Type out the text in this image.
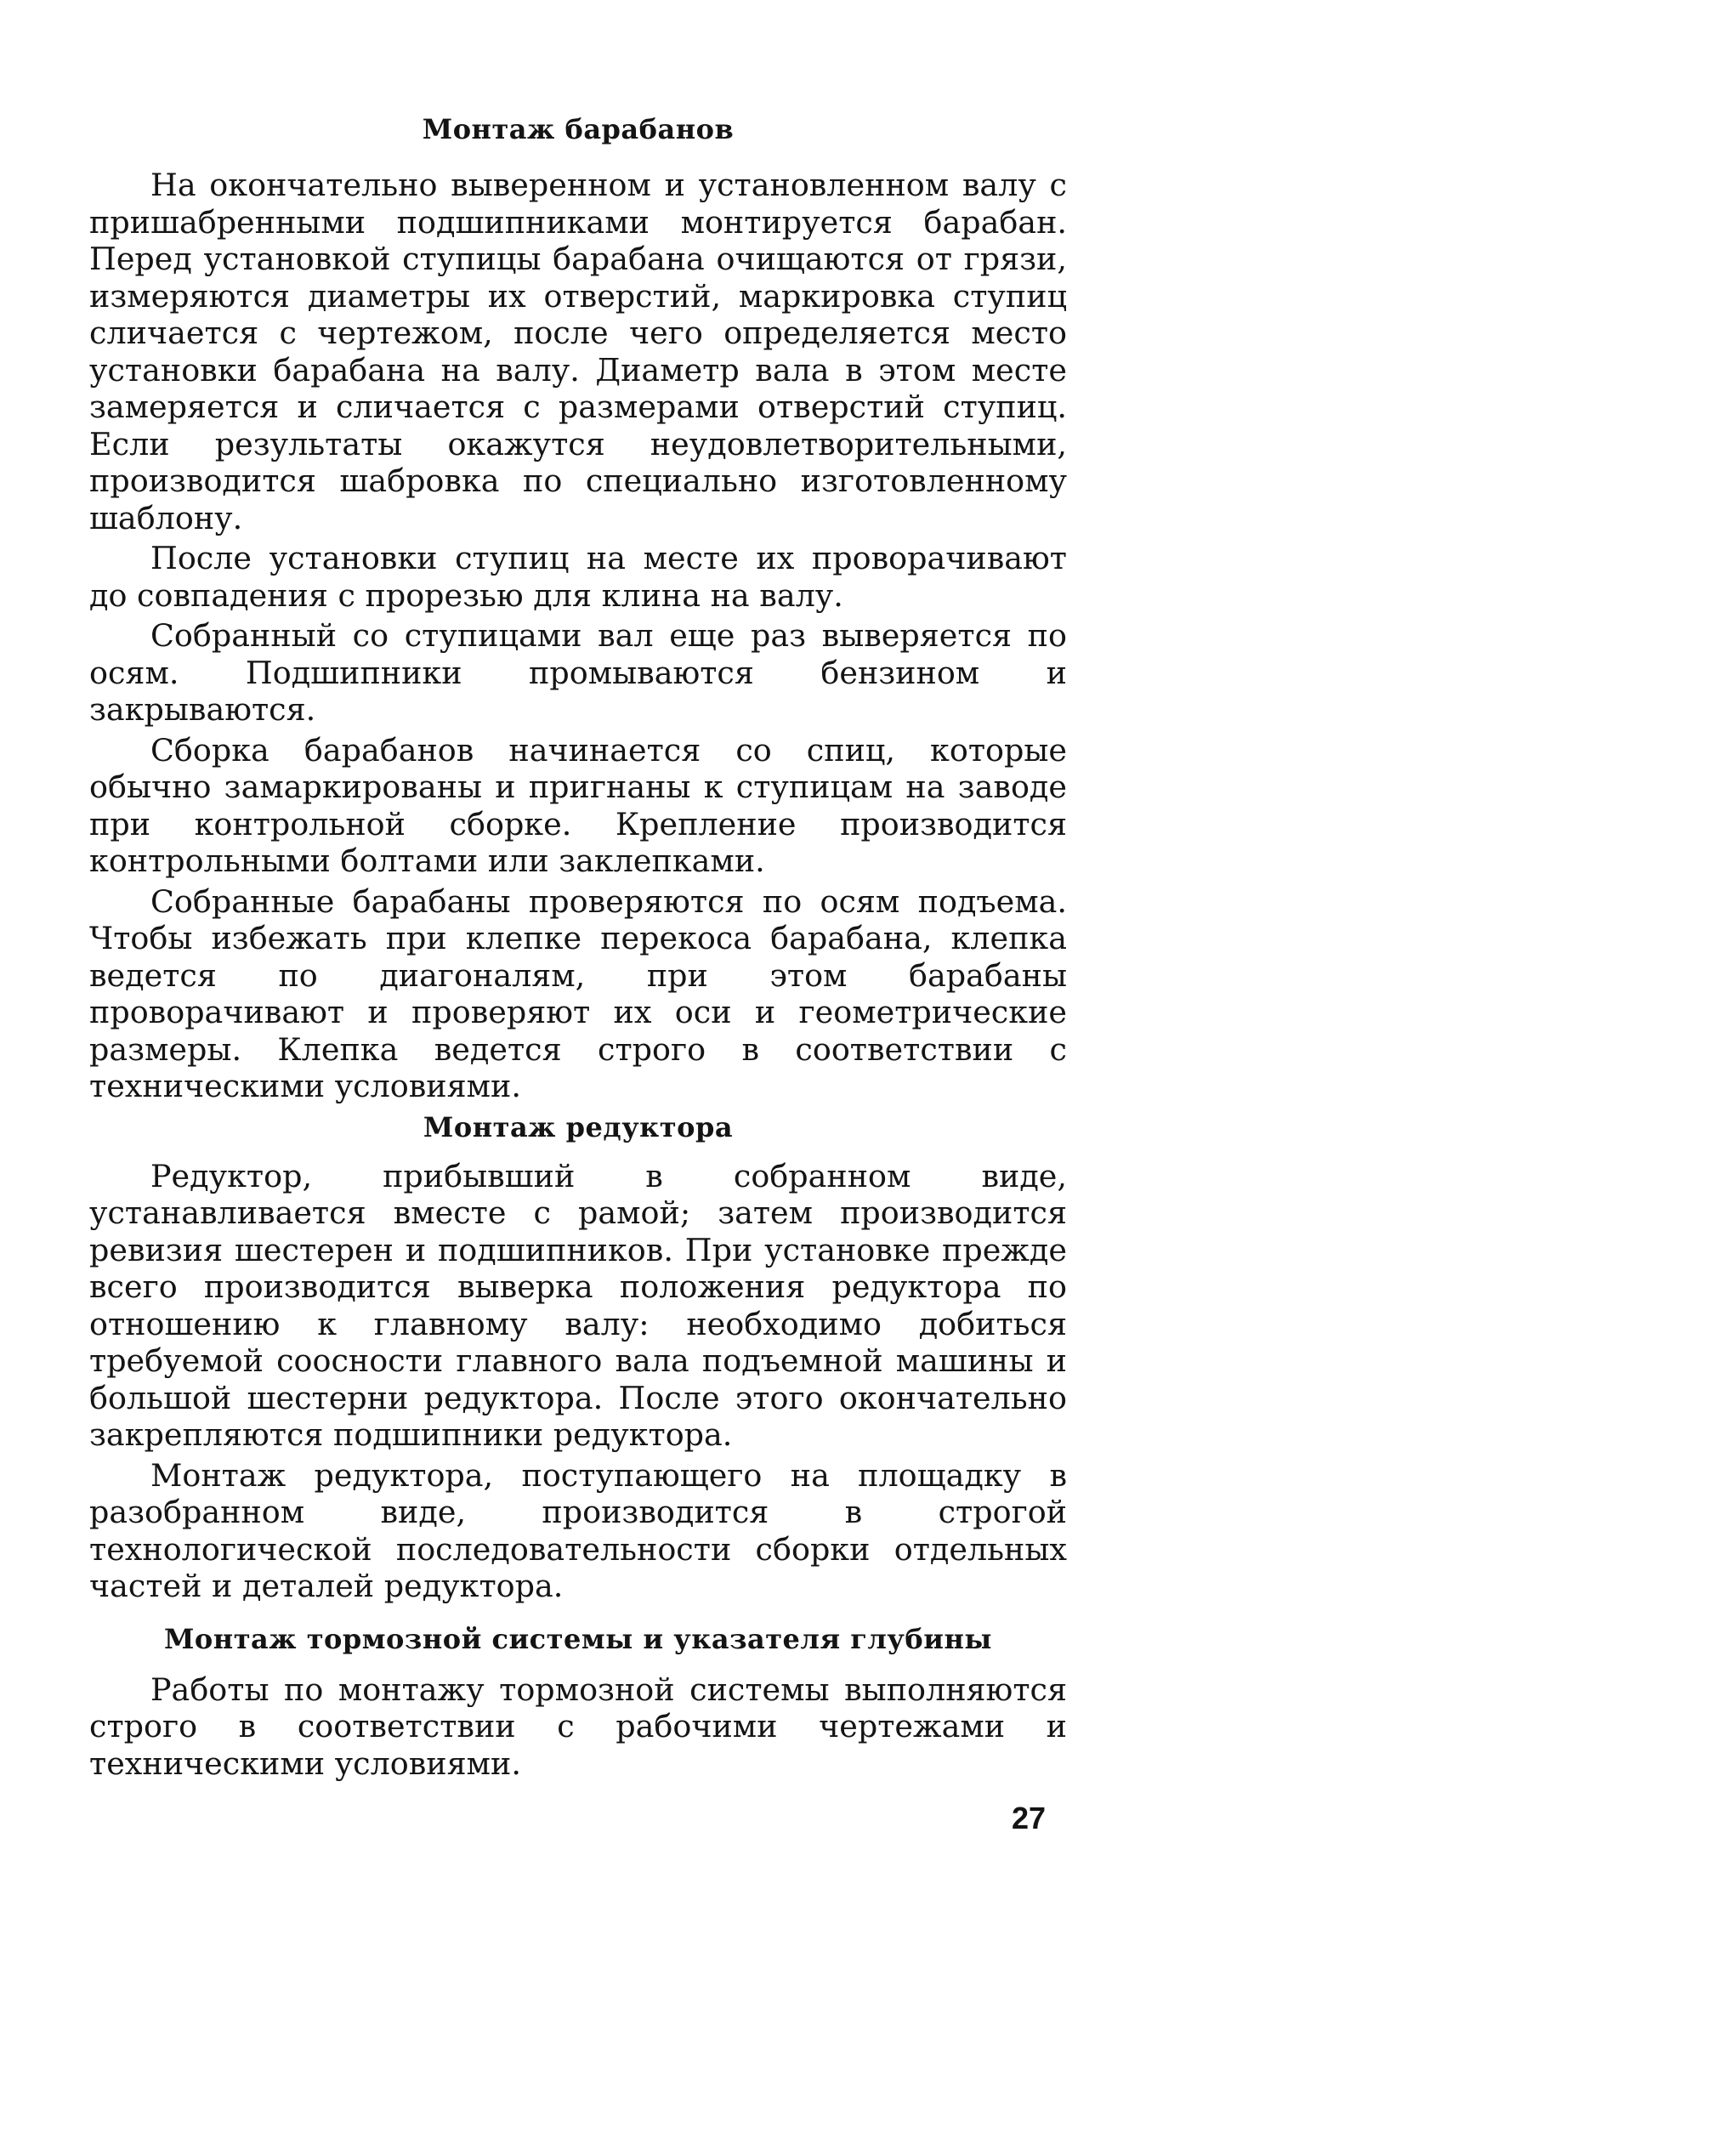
Монтаж барабанов

На окончательно выверенном и установленном валу с пришабренными подшипниками монтируется барабан. Перед установкой ступицы барабана очищаются от грязи, измеряются диаметры их отверстий, маркировка ступиц сличается с чертежом, после чего определяется место установки барабана на валу. Диаметр вала в этом месте замеряется и сличается с размерами отверстий ступиц. Если результаты окажутся неудовлетворительными, производится шабровка по специально изготовленному шаблону.

После установки ступиц на месте их проворачивают до совпадения с прорезью для клина на валу.

Собранный со ступицами вал еще раз выверяется по осям. Подшипники промываются бензином и закрываются.

Сборка барабанов начинается со спиц, которые обычно замаркированы и пригнаны к ступицам на заводе при контрольной сборке. Крепление производится контрольными болтами или заклепками.

Собранные барабаны проверяются по осям подъема. Чтобы избежать при клепке перекоса барабана, клепка ведется по диагоналям, при этом барабаны проворачивают и проверяют их оси и геометрические размеры. Клепка ведется строго в соответствии с техническими условиями.

Монтаж редуктора

Редуктор, прибывший в собранном виде, устанавливается вместе с рамой; затем производится ревизия шестерен и подшипников. При установке прежде всего производится выверка положения редуктора по отношению к главному валу: необходимо добиться требуемой соосности главного вала подъемной машины и большой шестерни редуктора. После этого окончательно закрепляются подшипники редуктора.

Монтаж редуктора, поступающего на площадку в разобранном виде, производится в строгой технологической последовательности сборки отдельных частей и деталей редуктора.

Монтаж тормозной системы и указателя глубины

Работы по монтажу тормозной системы выполняются строго в соответствии с рабочими чертежами и техническими условиями.

27
